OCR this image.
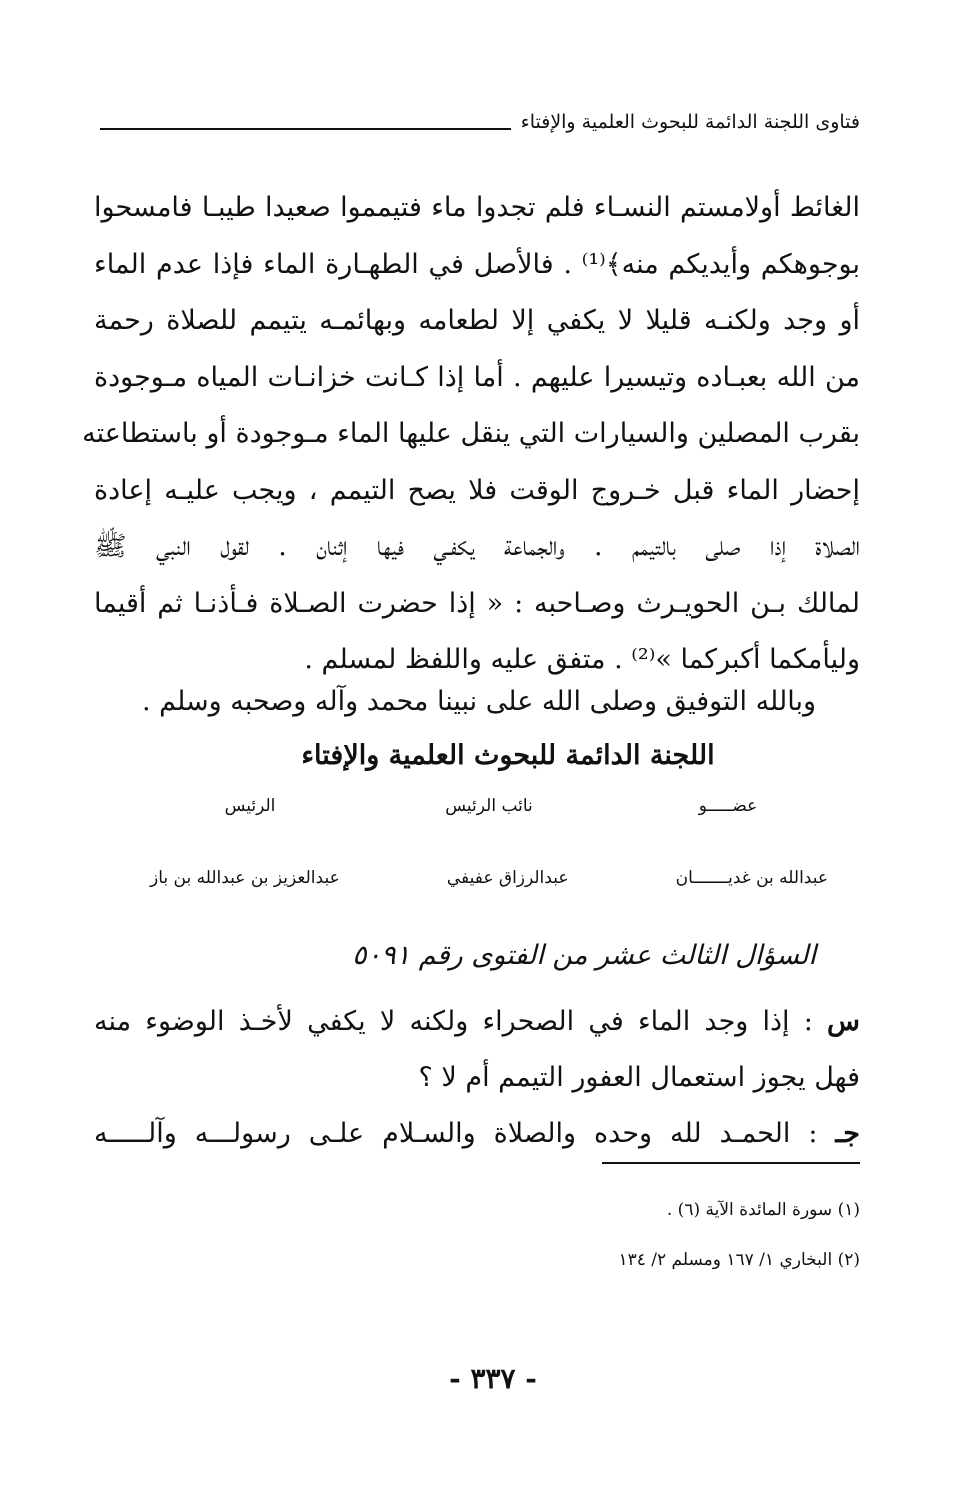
فتاوى اللجنة الدائمة للبحوث العلمية والإفتاء
الغائط أولامستم النسـاء فلم تجدوا ماء فتيمموا صعيدا طيبـا فامسحوا
بوجوهكم وأيديكم منه﴾⁽¹⁾ . فالأصل في الطهـارة الماء فإذا عدم الماء
أو وجد ولكنـه قليلا لا يكفي إلا لطعامه وبهائمـه يتيمم للصلاة رحمة
من الله بعبـاده وتيسيرا عليهم . أما إذا كـانت خزانـات المياه مـوجودة
بقرب المصلين والسيارات التي ينقل عليها الماء مـوجودة أو باستطاعته
إحضار الماء قبل خـروج الوقت فلا يصح التيمم ، ويجب عليـه إعادة
الصلاة إذا صلى بالتيمم . والجماعة يكفـي فيها إثنان . لقول النبي ﷺ
لمالك بـن الحويـرث وصـاحبه : « إذا حضرت الصـلاة فـأذنـا ثم أقيما
وليأمكما أكبركما »⁽²⁾ . متفق عليه واللفظ لمسلم .
وبالله التوفيق وصلى الله على نبينا محمد وآله وصحبه وسلم .
اللجنة الدائمة للبحوث العلمية والإفتاء
عضـــــو
نائب الرئيس
الرئيس
عبدالله بن غديـــــــان
عبدالرزاق عفيفي
عبدالعزيز بن عبدالله بن باز
السؤال الثالث عشر من الفتوى رقم ٥٠٩١
س : إذا وجد الماء في الصحراء ولكنه لا يكفي لأخـذ الوضوء منه
فهل يجوز استعمال العفور التيمم أم لا ؟
جـ : الحمـد لله وحده والصلاة والسـلام علـى رسولـــه وآلـــــه
(١) سورة المائدة الآية (٦) .
(٢) البخاري ١/ ١٦٧ ومسلم ٢/ ١٣٤
- ٣٣٧ -
